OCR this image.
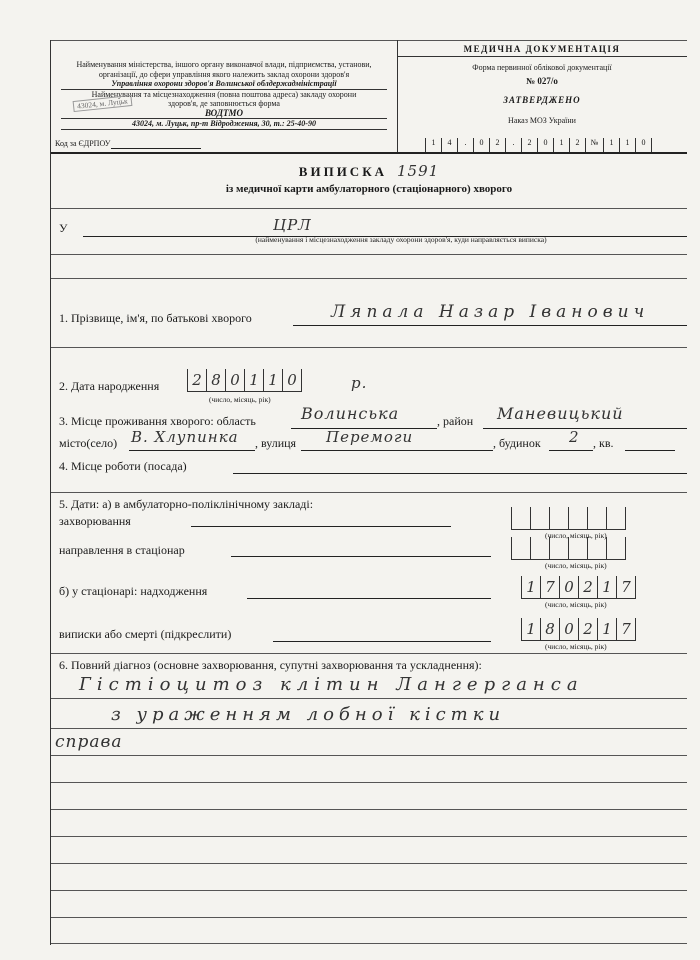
Найменування міністерства, іншого органу виконавчої влади, підприємства, установи,
організації, до сфери управління якого належить заклад охорони здоров'я
Управління охорони здоров'я Волинської облдержадміністрації
Найменування та місцезнаходження (повна поштова адреса) закладу охорони
здоров'я, де заповнюється форма
ВОДТМО
43024, м. Луцьк, пр-т Відродження, 30, т.: 25-40-90
43024, м. Луцьк
Код за ЄДРПОУ
МЕДИЧНА ДОКУМЕНТАЦІЯ
Форма первинної облікової документації
№ 027/о
ЗАТВЕРДЖЕНО
Наказ МОЗ України
1	4	.	0	2	.	2	0	1	2	№	1	1	0
ВИПИСКА 1591
із медичної карти амбулаторного (стаціонарного) хворого
У	ЦРЛ
(найменування і місцезнаходження закладу охорони здоров'я, куди направляється виписка)
1. Прізвище, ім'я, по батькові хворого	Ляпала Назар Іванович
2. Дата народження	2 8 0 1 1 0	р.
(число, місяць, рік)
3. Місце проживання хворого: область	Волинська	, район Маневицький
місто(село) В. Хлупинка , вулиця Перемоги	, будинок 2 , кв.
4. Місце роботи (посада)
5. Дати: а) в амбулаторно-поліклінічному закладі:
захворювання
(число, місяць, рік)
направлення в стаціонар
(число, місяць, рік)
б) у стаціонарі: надходження	1 7 0 2 1 7
(число, місяць, рік)
виписки або смерті (підкреслити)	1 8 0 2 1 7
(число, місяць, рік)
6. Повний діагноз (основне захворювання, супутні захворювання та ускладнення):
Гістіоцитоз клітин Лангерганса
з ураженням лобної кістки
справа
